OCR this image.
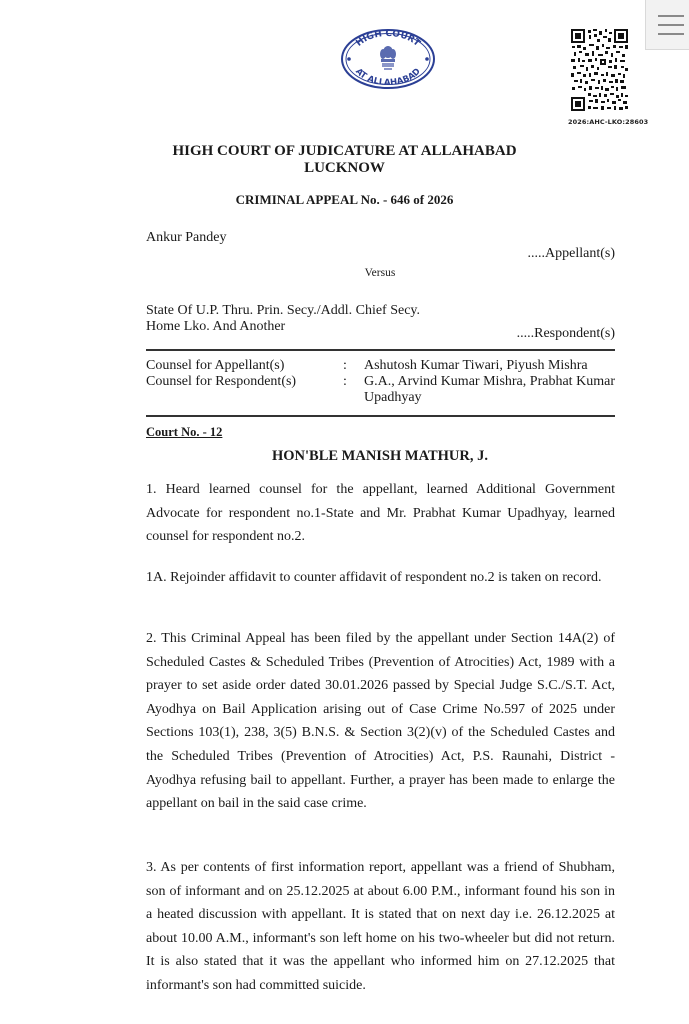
HIGH COURT
AT ALLAHABAD
2026:AHC-LKO:28603
HIGH COURT OF JUDICATURE AT ALLAHABAD
LUCKNOW
CRIMINAL APPEAL No. - 646 of 2026
Ankur Pandey
.....Appellant(s)
Versus
State Of U.P. Thru. Prin. Secy./Addl. Chief Secy.
Home Lko. And Another	.....Respondent(s)
Counsel for Appellant(s)	: Ashutosh Kumar Tiwari, Piyush Mishra
Counsel for Respondent(s)	: G.A., Arvind Kumar Mishra, Prabhat Kumar Upadhyay
Court No. - 12
HON'BLE MANISH MATHUR, J.

1. Heard learned counsel for the appellant, learned Additional Government Advocate for respondent no.1-State and Mr. Prabhat Kumar Upadhyay, learned counsel for respondent no.2.

1A. Rejoinder affidavit to counter affidavit of respondent no.2 is taken on record.

2. This Criminal Appeal has been filed by the appellant under Section 14A(2) of Scheduled Castes & Scheduled Tribes (Prevention of Atrocities) Act, 1989 with a prayer to set aside order dated 30.01.2026 passed by Special Judge S.C./S.T. Act, Ayodhya on Bail Application arising out of Case Crime No.597 of 2025 under Sections 103(1), 238, 3(5) B.N.S. & Section 3(2)(v) of the Scheduled Castes and the Scheduled Tribes (Prevention of Atrocities) Act, P.S. Raunahi, District - Ayodhya refusing bail to appellant. Further, a prayer has been made to enlarge the appellant on bail in the said case crime.

3. As per contents of first information report, appellant was a friend of Shubham, son of informant and on 25.12.2025 at about 6.00 P.M., informant found his son in a heated discussion with appellant. It is stated that on next day i.e. 26.12.2025 at about 10.00 A.M., informant's son left home on his two-wheeler but did not return. It is also stated that it was the appellant who informed him on 27.12.2025 that informant's son had committed suicide.
